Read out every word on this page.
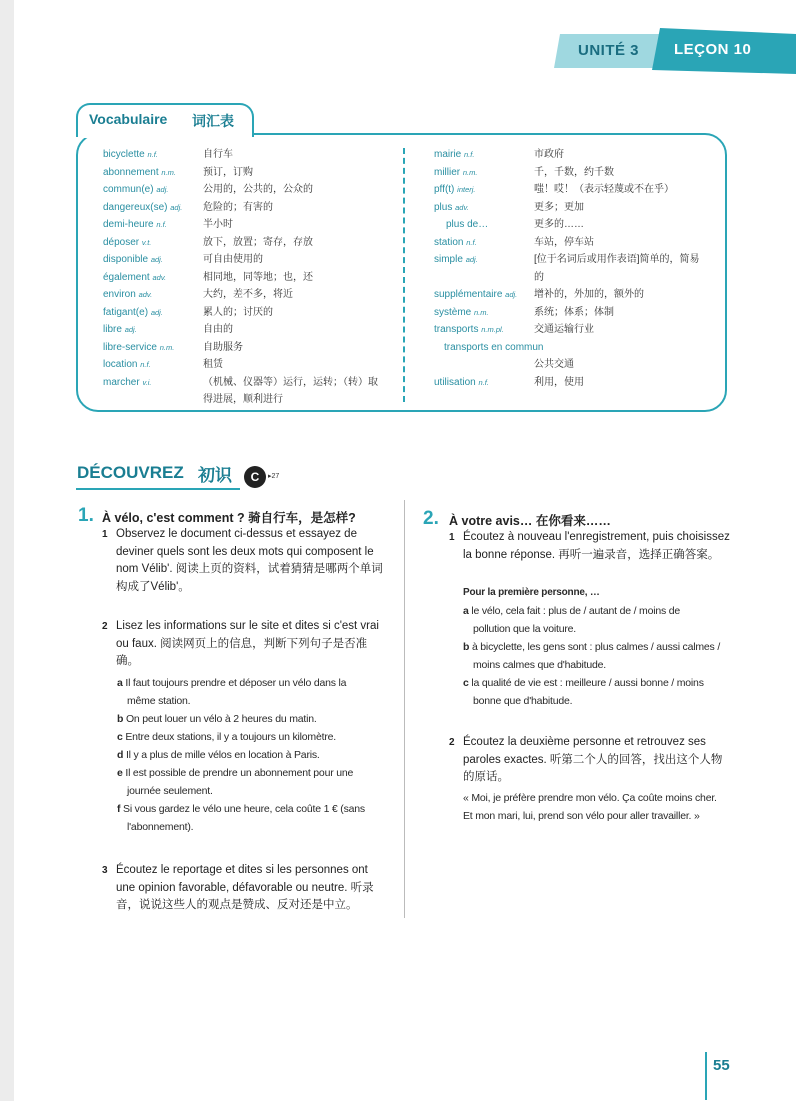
UNITÉ 3 LEÇON 10
Vocabulaire 词汇表
bicyclette n.f.	自行车
abonnement n.m.	预订，订购
commun(e) adj.	公用的，公共的，公众的
dangereux(se) adj. 危险的；有害的
demi-heure n.f.	半小时
déposer v.t.	放下，放置；寄存，存放
disponible adj.	可自由使用的
également adv.	相同地，同等地；也，还
environ adv.	大约，差不多，将近
fatigant(e) adj.	累人的；讨厌的
libre adj.	自由的
libre-service n.m.	自助服务
location n.f.	租赁
marcher v.i.	（机械、仪器等）运行，运转；（转）取得进展，顺利进行
mairie n.f.	市政府
millier n.m.	千，千数，约千数
pff(t) interj.	嗤！哎！（表示轻蔑或不在乎）
plus adv.	更多；更加
plus de…	更多的……
station n.f.	车站，停车站
simple adj.	[位于名词后或用作表语]简单的，简易的
supplémentaire adj. 增补的，外加的，额外的
système n.m.	系统；体系；体制
transports n.m.pl.	交通运输行业
transports en commun
公共交通
utilisation n.f.	利用，使用
DÉCOUVREZ 初识	C	▸27
1. À vélo, c'est comment ? 骑自行车，是怎样?
1 Observez le document ci-dessus et essayez de deviner quels sont les deux mots qui composent le nom Vélib'. 阅读上页的资料，试着猜猜是哪两个单词构成了Vélib'。
2 Lisez les informations sur le site et dites si c'est vrai ou faux. 阅读网页上的信息，判断下列句子是否准确。
a Il faut toujours prendre et déposer un vélo dans la
même station.
b On peut louer un vélo à 2 heures du matin.
c Entre deux stations, il y a toujours un kilomètre.
d Il y a plus de mille vélos en location à Paris.
e Il est possible de prendre un abonnement pour une
journée seulement.
f Si vous gardez le vélo une heure, cela coûte 1 € (sans
l'abonnement).
3 Écoutez le reportage et dites si les personnes ont une opinion favorable, défavorable ou neutre. 听录音，说说这些人的观点是赞成、反对还是中立。
2. À votre avis… 在你看来……
1 Écoutez à nouveau l'enregistrement, puis choisissez la bonne réponse. 再听一遍录音，选择正确答案。
Pour la première personne, …
a le vélo, cela fait : plus de / autant de / moins de
pollution que la voiture.
b à bicyclette, les gens sont : plus calmes / aussi calmes /
moins calmes que d'habitude.
c la qualité de vie est : meilleure / aussi bonne / moins
bonne que d'habitude.
2 Écoutez la deuxième personne et retrouvez ses paroles exactes. 听第二个人的回答，找出这个人物的原话。
« Moi, je préfère prendre mon vélo. Ça coûte moins cher.
Et mon mari, lui, prend son vélo pour aller travailler. »
55
